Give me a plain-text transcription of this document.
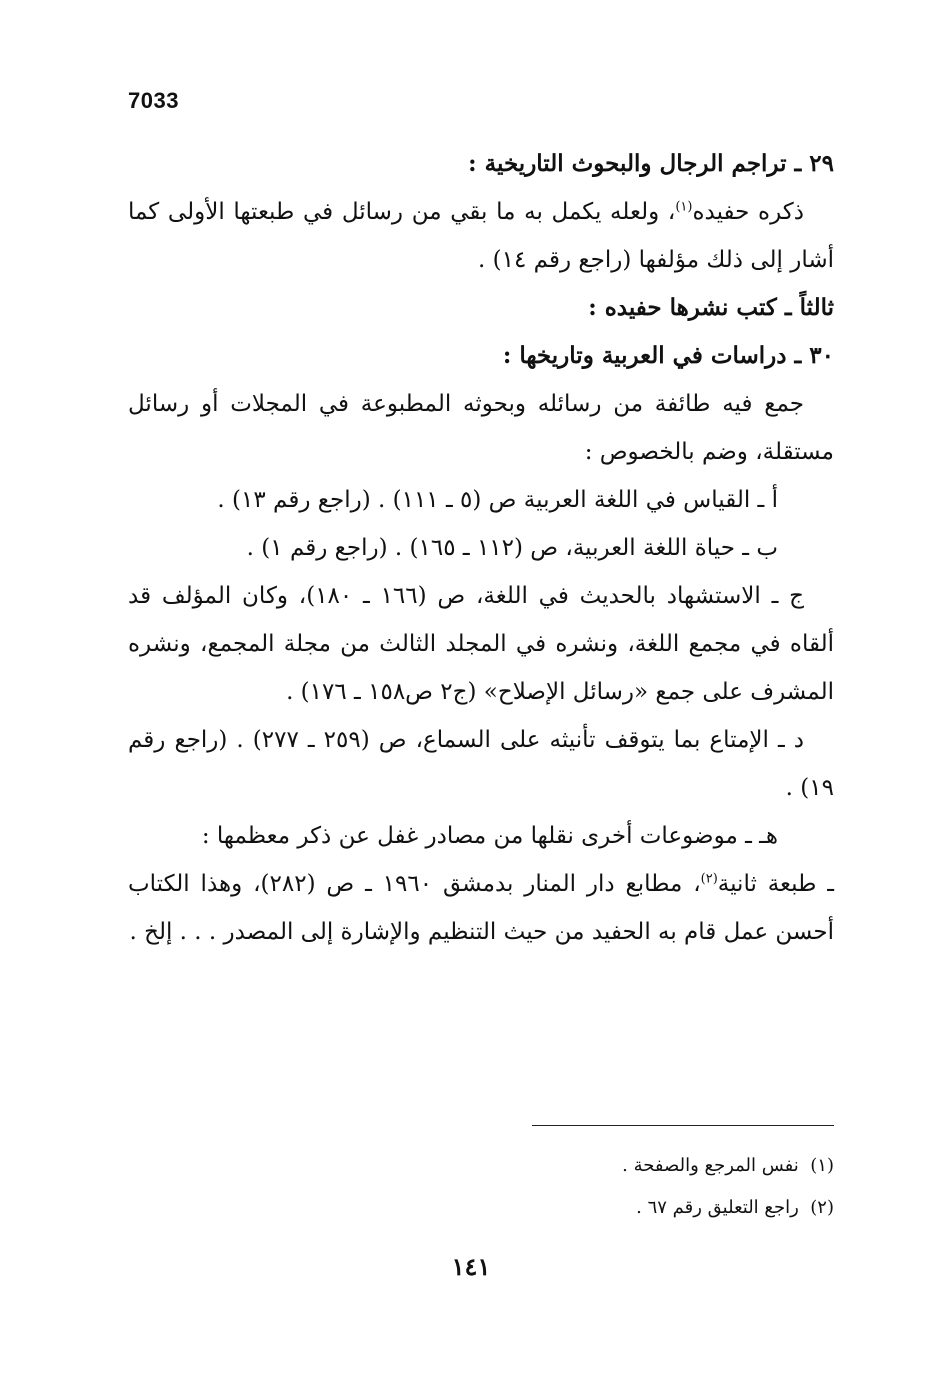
7033

٢٩ ـ تراجم الرجال والبحوث التاريخية :

ذكره حفيده$^{(١)}$، ولعله يكمل به ما بقي من رسائل في طبعتها الأولى كما أشار إلى ذلك مؤلفها (راجع رقم ١٤) .

ثالثاً ـ كتب نشرها حفيده :

٣٠ ـ دراسات في العربية وتاريخها :

جمع فيه طائفة من رسائله وبحوثه المطبوعة في المجلات أو رسائل مستقلة، وضم بالخصوص :

أ ـ القياس في اللغة العربية ص (٥ ـ ١١١) . (راجع رقم ١٣) .

ب ـ حياة اللغة العربية، ص (١١٢ ـ ١٦٥) . (راجع رقم ١) .

ج ـ الاستشهاد بالحديث في اللغة، ص (١٦٦ ـ ١٨٠)، وكان المؤلف قد ألقاه في مجمع اللغة، ونشره في المجلد الثالث من مجلة المجمع، ونشره المشرف على جمع «رسائل الإصلاح» (ج٢ ص١٥٨ ـ ١٧٦) .

د ـ الإمتاع بما يتوقف تأنيثه على السماع، ص (٢٥٩ ـ ٢٧٧) . (راجع رقم ١٩) .

هـ ـ موضوعات أخرى نقلها من مصادر غفل عن ذكر معظمها :

ـ طبعة ثانية$^{(٢)}$، مطابع دار المنار بدمشق ١٩٦٠ ـ ص (٢٨٢)، وهذا الكتاب أحسن عمل قام به الحفيد من حيث التنظيم والإشارة إلى المصدر . . . إلخ .

(١)  نفس المرجع والصفحة .

(٢)  راجع التعليق رقم ٦٧ .

١٤١
